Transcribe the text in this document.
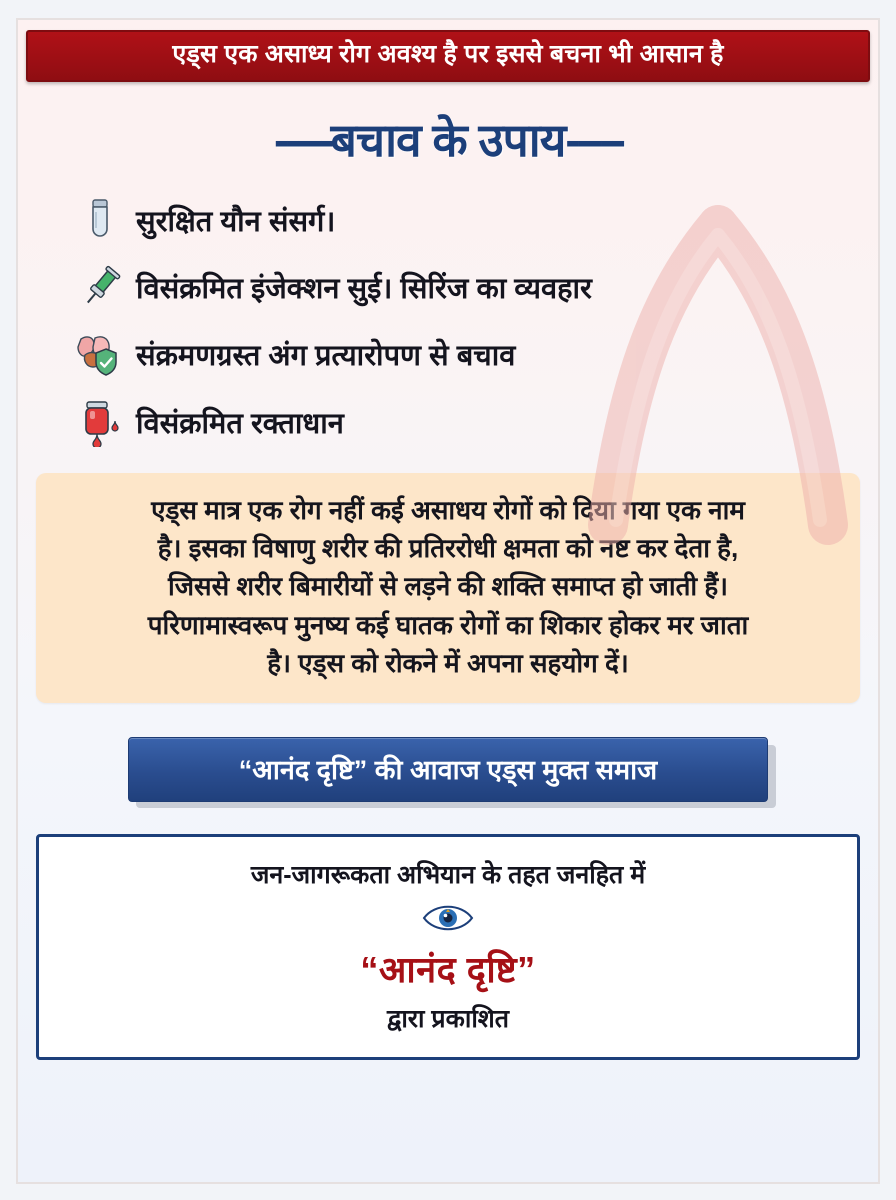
एड्स एक असाध्य रोग अवश्य है पर इससे बचना भी आसान है
-----बचाव के उपाय-----
सुरक्षित यौन संसर्ग।
विसंक्रमित इंजेक्शन सुई। सिरिंज का व्यवहार
संक्रमणग्रस्त अंग प्रत्यारोपण से बचाव
विसंक्रमित रक्ताधान

एड्स मात्र एक रोग नहीं कई असाधय रोगों को दिया गया एक नाम

है। इसका विषाणु शरीर की प्रतिररोधी क्षमता को नष्ट कर देता है,

जिससे शरीर बिमारीयों से लड़ने की शक्ति समाप्त हो जाती हैं।

परिणामास्वरूप मुनष्य कई घातक रोगों का शिकार होकर मर जाता

है। एड्स को रोकने में अपना सहयोग दें।

“आनंद दृष्टि” की आवाज एड्स मुक्त समाज
जन-जागरूकता अभियान के तहत जनहित में
“आनंद दृष्टि”
द्वारा प्रकाशित
